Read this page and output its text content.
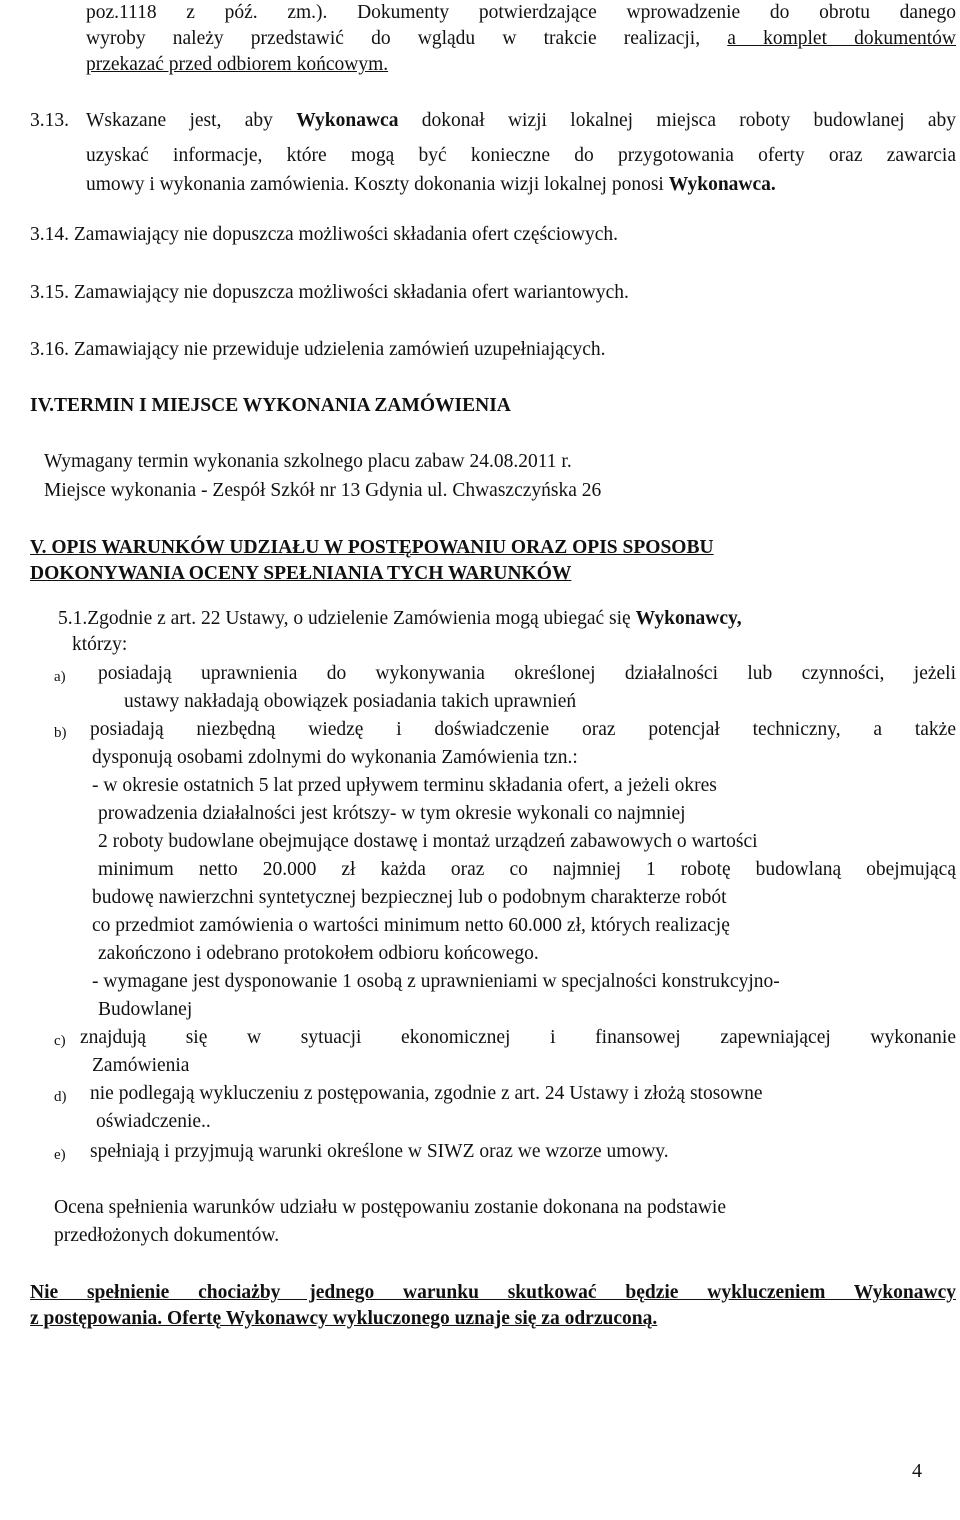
poz.1118 z póź. zm.). Dokumenty potwierdzające wprowadzenie do obrotu danego
wyroby należy przedstawić do wglądu w trakcie realizacji, a komplet dokumentów
przekazać przed odbiorem końcowym.
3.13. Wskazane jest, aby Wykonawca dokonał wizji lokalnej miejsca roboty budowlanej aby
uzyskać informacje, które mogą być konieczne do przygotowania oferty oraz zawarcia
umowy i wykonania zamówienia. Koszty dokonania wizji lokalnej ponosi Wykonawca.
3.14. Zamawiający nie dopuszcza możliwości składania ofert częściowych.
3.15. Zamawiający nie dopuszcza możliwości składania ofert wariantowych.
3.16. Zamawiający nie przewiduje udzielenia zamówień uzupełniających.
IV.TERMIN I MIEJSCE WYKONANIA ZAMÓWIENIA
Wymagany termin wykonania szkolnego placu zabaw 24.08.2011 r.
Miejsce wykonania - Zespół Szkół nr 13 Gdynia ul. Chwaszczyńska 26
V. OPIS WARUNKÓW UDZIAŁU W POSTĘPOWANIU ORAZ OPIS SPOSOBU
DOKONYWANIA OCENY SPEŁNIANIA TYCH WARUNKÓW
5.1.Zgodnie z art. 22 Ustawy, o udzielenie Zamówienia mogą ubiegać się Wykonawcy,
którzy:
a) posiadają uprawnienia do wykonywania określonej działalności lub czynności, jeżeli
ustawy nakładają obowiązek posiadania takich uprawnień
b) posiadają niezbędną wiedzę i doświadczenie oraz potencjał techniczny, a także
dysponują osobami zdolnymi do wykonania Zamówienia tzn.:
- w okresie ostatnich 5 lat przed upływem terminu składania ofert, a jeżeli okres
prowadzenia działalności jest krótszy- w tym okresie wykonali co najmniej
2 roboty budowlane obejmujące dostawę i montaż urządzeń zabawowych o wartości
minimum netto 20.000 zł każda oraz co najmniej 1 robotę budowlaną obejmującą
budowę nawierzchni syntetycznej bezpiecznej lub o podobnym charakterze robót
co przedmiot zamówienia o wartości minimum netto 60.000 zł, których realizację
zakończono i odebrano protokołem odbioru końcowego.
- wymagane jest dysponowanie 1 osobą z uprawnieniami w specjalności konstrukcyjno-
Budowlanej
c) znajdują się w sytuacji ekonomicznej i finansowej zapewniającej wykonanie
Zamówienia
d) nie podlegają wykluczeniu z postępowania, zgodnie z art. 24 Ustawy i złożą stosowne
oświadczenie..
e) spełniają i przyjmują warunki określone w SIWZ oraz we wzorze umowy.
Ocena spełnienia warunków udziału w postępowaniu zostanie dokonana na podstawie
przedłożonych dokumentów.
Nie spełnienie chociażby jednego warunku skutkować będzie wykluczeniem Wykonawcy
z postępowania. Ofertę Wykonawcy wykluczonego uznaje się za odrzuconą.
4
